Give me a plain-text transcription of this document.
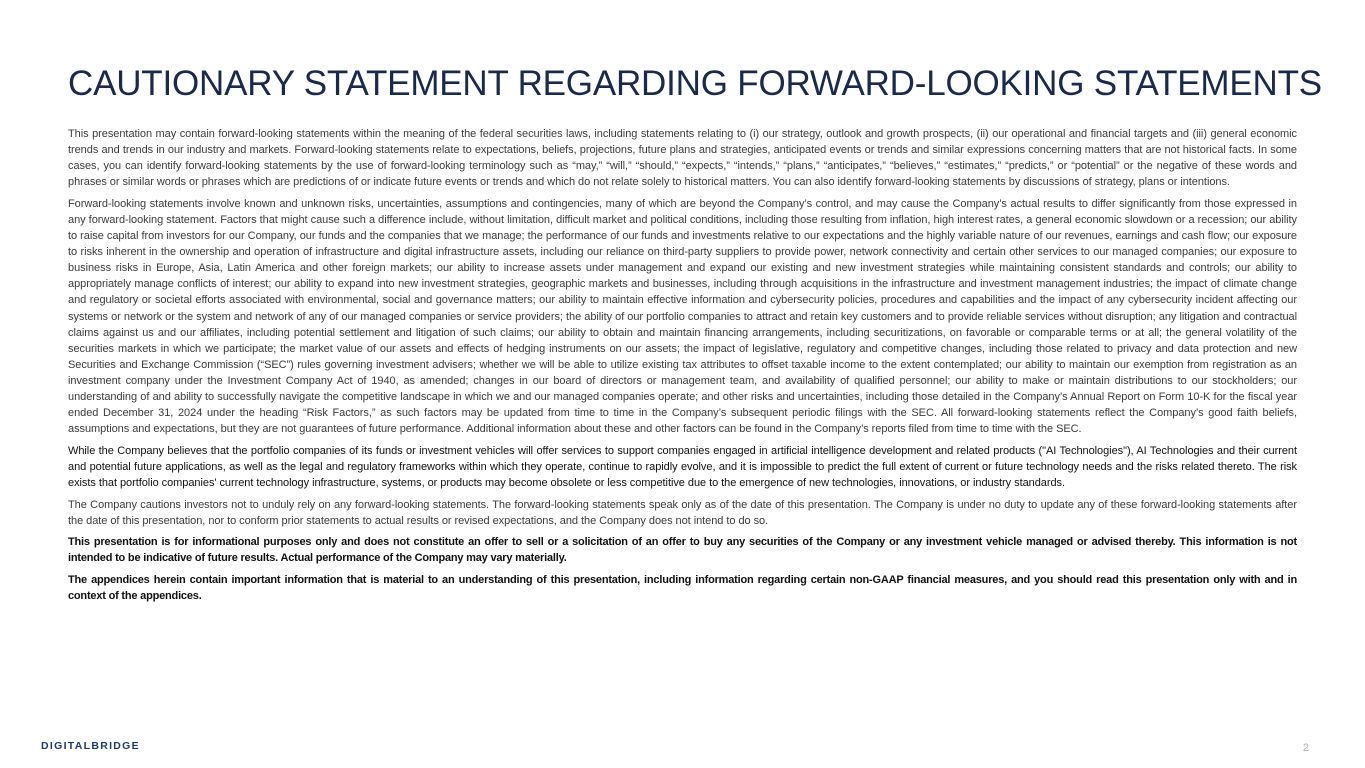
CAUTIONARY STATEMENT REGARDING FORWARD-LOOKING STATEMENTS

This presentation may contain forward-looking statements within the meaning of the federal securities laws, including statements relating to (i) our strategy, outlook and growth prospects, (ii) our operational and financial targets and (iii) general economic trends and trends in our industry and markets. Forward-looking statements relate to expectations, beliefs, projections, future plans and strategies, anticipated events or trends and similar expressions concerning matters that are not historical facts. In some cases, you can identify forward-looking statements by the use of forward-looking terminology such as “may,” “will,” “should,” “expects,” “intends,” “plans,” “anticipates,” “believes,” “estimates,” “predicts,” or “potential” or the negative of these words and phrases or similar words or phrases which are predictions of or indicate future events or trends and which do not relate solely to historical matters. You can also identify forward-looking statements by discussions of strategy, plans or intentions.

Forward-looking statements involve known and unknown risks, uncertainties, assumptions and contingencies, many of which are beyond the Company’s control, and may cause the Company’s actual results to differ significantly from those expressed in any forward-looking statement. Factors that might cause such a difference include, without limitation, difficult market and political conditions, including those resulting from inflation, high interest rates, a general economic slowdown or a recession; our ability to raise capital from investors for our Company, our funds and the companies that we manage; the performance of our funds and investments relative to our expectations and the highly variable nature of our revenues, earnings and cash flow; our exposure to risks inherent in the ownership and operation of infrastructure and digital infrastructure assets, including our reliance on third-party suppliers to provide power, network connectivity and certain other services to our managed companies; our exposure to business risks in Europe, Asia, Latin America and other foreign markets; our ability to increase assets under management and expand our existing and new investment strategies while maintaining consistent standards and controls; our ability to appropriately manage conflicts of interest; our ability to expand into new investment strategies, geographic markets and businesses, including through acquisitions in the infrastructure and investment management industries; the impact of climate change and regulatory or societal efforts associated with environmental, social and governance matters; our ability to maintain effective information and cybersecurity policies, procedures and capabilities and the impact of any cybersecurity incident affecting our systems or network or the system and network of any of our managed companies or service providers; the ability of our portfolio companies to attract and retain key customers and to provide reliable services without disruption; any litigation and contractual claims against us and our affiliates, including potential settlement and litigation of such claims; our ability to obtain and maintain financing arrangements, including securitizations, on favorable or comparable terms or at all; the general volatility of the securities markets in which we participate; the market value of our assets and effects of hedging instruments on our assets; the impact of legislative, regulatory and competitive changes, including those related to privacy and data protection and new Securities and Exchange Commission (“SEC”) rules governing investment advisers; whether we will be able to utilize existing tax attributes to offset taxable income to the extent contemplated; our ability to maintain our exemption from registration as an investment company under the Investment Company Act of 1940, as amended; changes in our board of directors or management team, and availability of qualified personnel; our ability to make or maintain distributions to our stockholders; our understanding of and ability to successfully navigate the competitive landscape in which we and our managed companies operate; and other risks and uncertainties, including those detailed in the Company’s Annual Report on Form 10-K for the fiscal year ended December 31, 2024 under the heading “Risk Factors,” as such factors may be updated from time to time in the Company’s subsequent periodic filings with the SEC. All forward-looking statements reflect the Company’s good faith beliefs, assumptions and expectations, but they are not guarantees of future performance. Additional information about these and other factors can be found in the Company’s reports filed from time to time with the SEC.

While the Company believes that the portfolio companies of its funds or investment vehicles will offer services to support companies engaged in artificial intelligence development and related products ("AI Technologies"), AI Technologies and their current and potential future applications, as well as the legal and regulatory frameworks within which they operate, continue to rapidly evolve, and it is impossible to predict the full extent of current or future technology needs and the risks related thereto. The risk exists that portfolio companies' current technology infrastructure, systems, or products may become obsolete or less competitive due to the emergence of new technologies, innovations, or industry standards.

The Company cautions investors not to unduly rely on any forward-looking statements. The forward-looking statements speak only as of the date of this presentation. The Company is under no duty to update any of these forward-looking statements after the date of this presentation, nor to conform prior statements to actual results or revised expectations, and the Company does not intend to do so.

This presentation is for informational purposes only and does not constitute an offer to sell or a solicitation of an offer to buy any securities of the Company or any investment vehicle managed or advised thereby. This information is not intended to be indicative of future results. Actual performance of the Company may vary materially.

The appendices herein contain important information that is material to an understanding of this presentation, including information regarding certain non-GAAP financial measures, and you should read this presentation only with and in context of the appendices.

DIGITALBRIDGE	2
